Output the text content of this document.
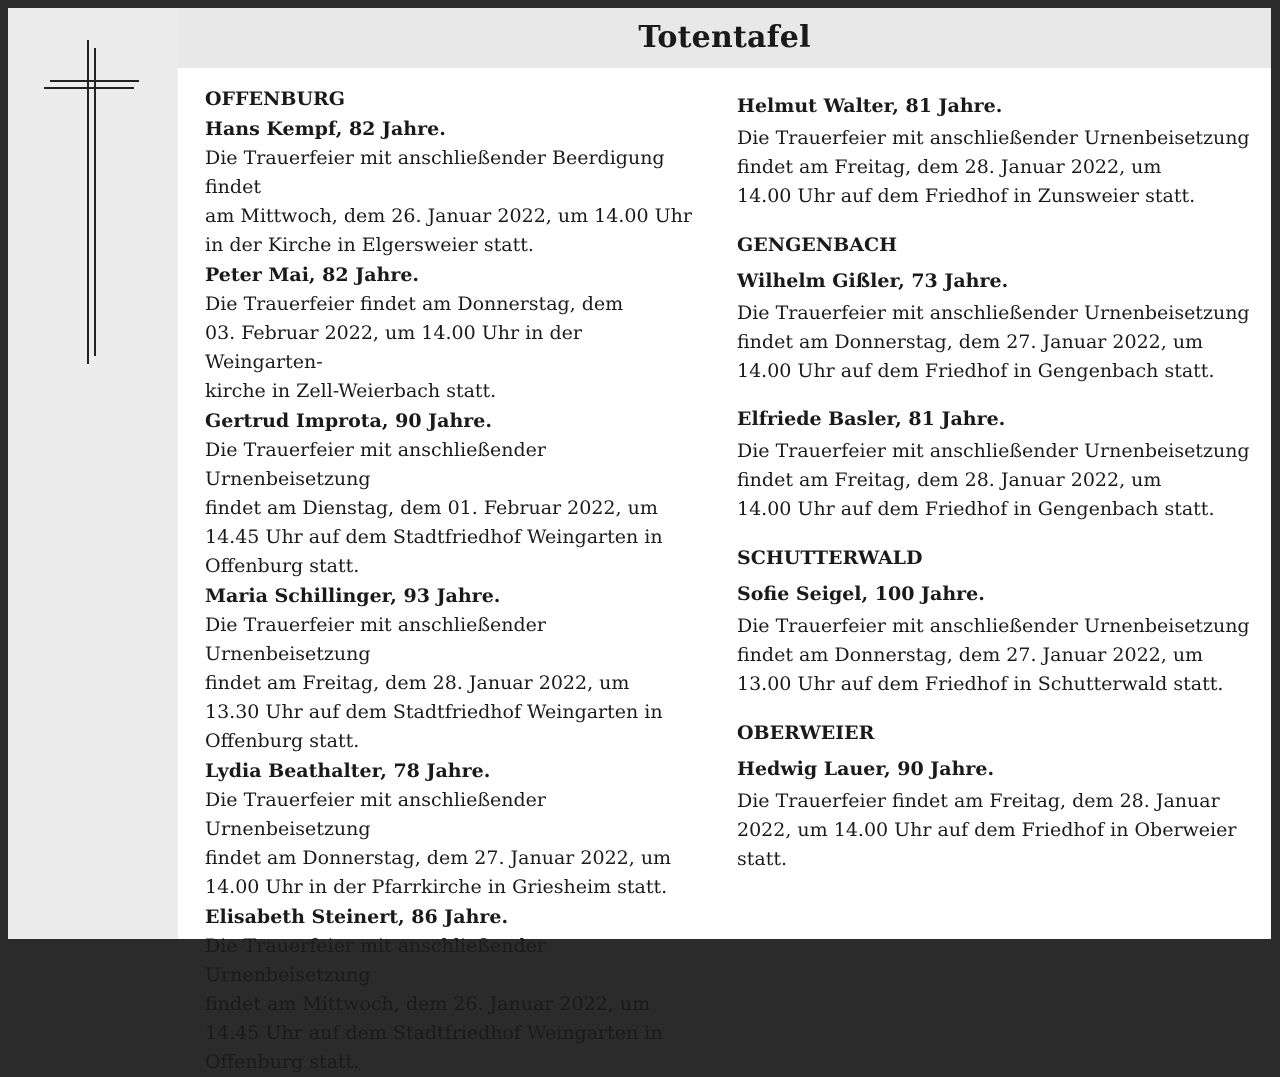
Totentafel
OFFENBURG
Hans Kempf, 82 Jahre.
Die Trauerfeier mit anschließender Beerdigung findet
am Mittwoch, dem 26. Januar 2022, um 14.00 Uhr
in der Kirche in Elgersweier statt.
Peter Mai, 82 Jahre.
Die Trauerfeier findet am Donnerstag, dem
03. Februar 2022, um 14.00 Uhr in der Weingarten-
kirche in Zell-Weierbach statt.
Gertrud Improta, 90 Jahre.
Die Trauerfeier mit anschließender Urnenbeisetzung
findet am Dienstag, dem 01. Februar 2022, um
14.45 Uhr auf dem Stadtfriedhof Weingarten in
Offenburg statt.
Maria Schillinger, 93 Jahre.
Die Trauerfeier mit anschließender Urnenbeisetzung
findet am Freitag, dem 28. Januar 2022, um
13.30 Uhr auf dem Stadtfriedhof Weingarten in
Offenburg statt.
Lydia Beathalter, 78 Jahre.
Die Trauerfeier mit anschließender Urnenbeisetzung
findet am Donnerstag, dem 27. Januar 2022, um
14.00 Uhr in der Pfarrkirche in Griesheim statt.
Elisabeth Steinert, 86 Jahre.
Die Trauerfeier mit anschließender Urnenbeisetzung
findet am Mittwoch, dem 26. Januar 2022, um
14.45 Uhr auf dem Stadtfriedhof Weingarten in
Offenburg statt.
Helmut Walter, 81 Jahre.
Die Trauerfeier mit anschließender Urnenbeisetzung
findet am Freitag, dem 28. Januar 2022, um
14.00 Uhr auf dem Friedhof in Zunsweier statt.
GENGENBACH
Wilhelm Gißler, 73 Jahre.
Die Trauerfeier mit anschließender Urnenbeisetzung
findet am Donnerstag, dem 27. Januar 2022, um
14.00 Uhr auf dem Friedhof in Gengenbach statt.
Elfriede Basler, 81 Jahre.
Die Trauerfeier mit anschließender Urnenbeisetzung
findet am Freitag, dem 28. Januar 2022, um
14.00 Uhr auf dem Friedhof in Gengenbach statt.
SCHUTTERWALD
Sofie Seigel, 100 Jahre.
Die Trauerfeier mit anschließender Urnenbeisetzung
findet am Donnerstag, dem 27. Januar 2022, um
13.00 Uhr auf dem Friedhof in Schutterwald statt.
OBERWEIER
Hedwig Lauer, 90 Jahre.
Die Trauerfeier findet am Freitag, dem 28. Januar
2022, um 14.00 Uhr auf dem Friedhof in Oberweier
statt.
